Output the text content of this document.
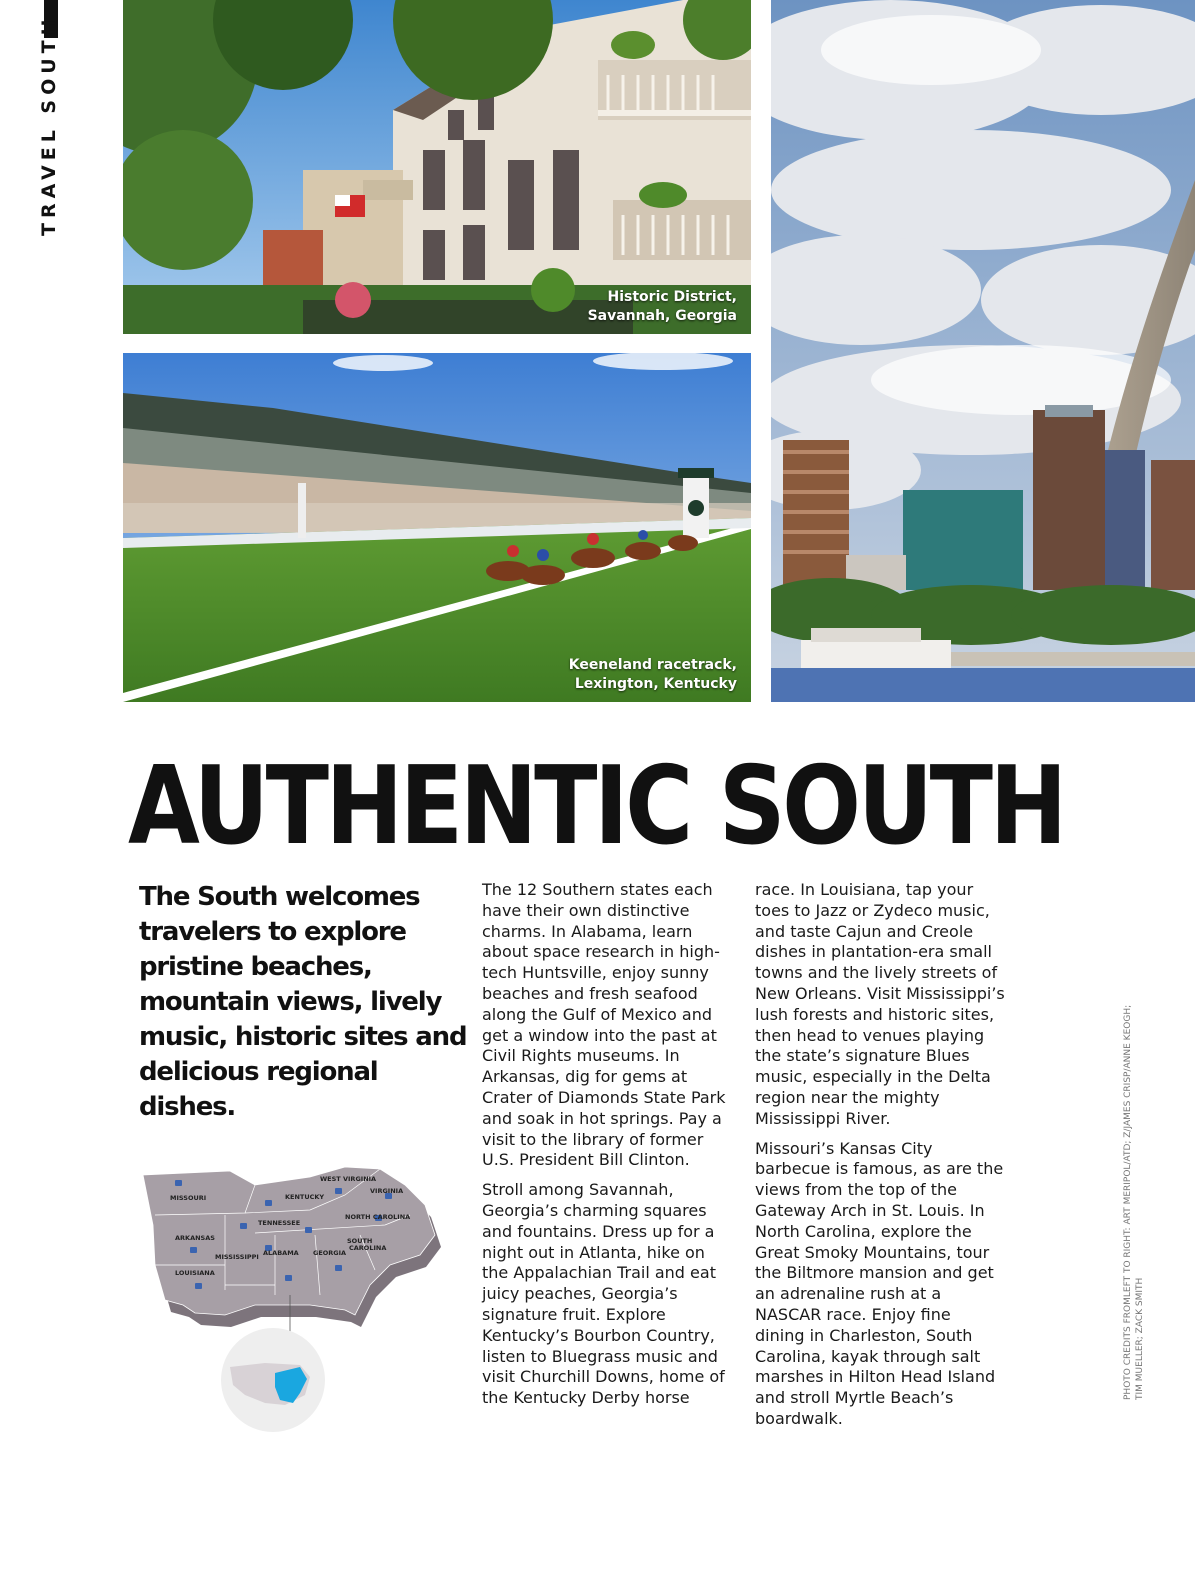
TRAVEL SOUTH
Historic District,
Savannah, Georgia
Keeneland racetrack,
Lexington, Kentucky
AUTHENTIC SOUTH
The South welcomes travelers to explore pristine beaches, mountain views, lively music, historic sites and delicious regional dishes.

The 12 Southern states each have their own distinctive charms. In Alabama, learn about space research in high-tech Huntsville, enjoy sunny beaches and fresh seafood along the Gulf of Mexico and get a window into the past at Civil Rights museums. In Arkansas, dig for gems at Crater of Diamonds State Park and soak in hot springs. Pay a visit to the library of former U.S. President Bill Clinton.

Stroll among Savannah, Georgia’s charming squares and fountains. Dress up for a night out in Atlanta, hike on the Appalachian Trail and eat juicy peaches, Georgia’s signature fruit. Explore Kentucky’s Bourbon Country, listen to Bluegrass music and visit Churchill Downs, home of the Kentucky Derby horse

race. In Louisiana, tap your toes to Jazz or Zydeco music, and taste Cajun and Creole dishes in plantation-era small towns and the lively streets of New Orleans. Visit Mississippi’s lush forests and historic sites, then head to venues playing the state’s signature Blues music, especially in the Delta region near the mighty Mississippi River.

Missouri’s Kansas City barbecue is famous, as are the views from the top of the Gateway Arch in St. Louis. In North Carolina, explore the Great Smoky Mountains, tour the Biltmore mansion and get an adrenaline rush at a NASCAR race. Enjoy fine dining in Charleston, South Carolina, kayak through salt marshes in Hilton Head Island and stroll Myrtle Beach’s boardwalk.

PHOTO CREDITS FROMLEFT TO RIGHT: ART MERIPOL/ATD; Z/JAMES CRISP/ANNE KEOGH; TIM MUELLER; ZACK SMITH
MISSOURI	KENTUCKY
WEST VIRGINIA
VIRGINIA
TENNESSEE
NORTH CAROLINA
ARKANSAS	SOUTH
CAROLINA
MISSISSIPPI ALABAMA GEORGIA
LOUISIANA
